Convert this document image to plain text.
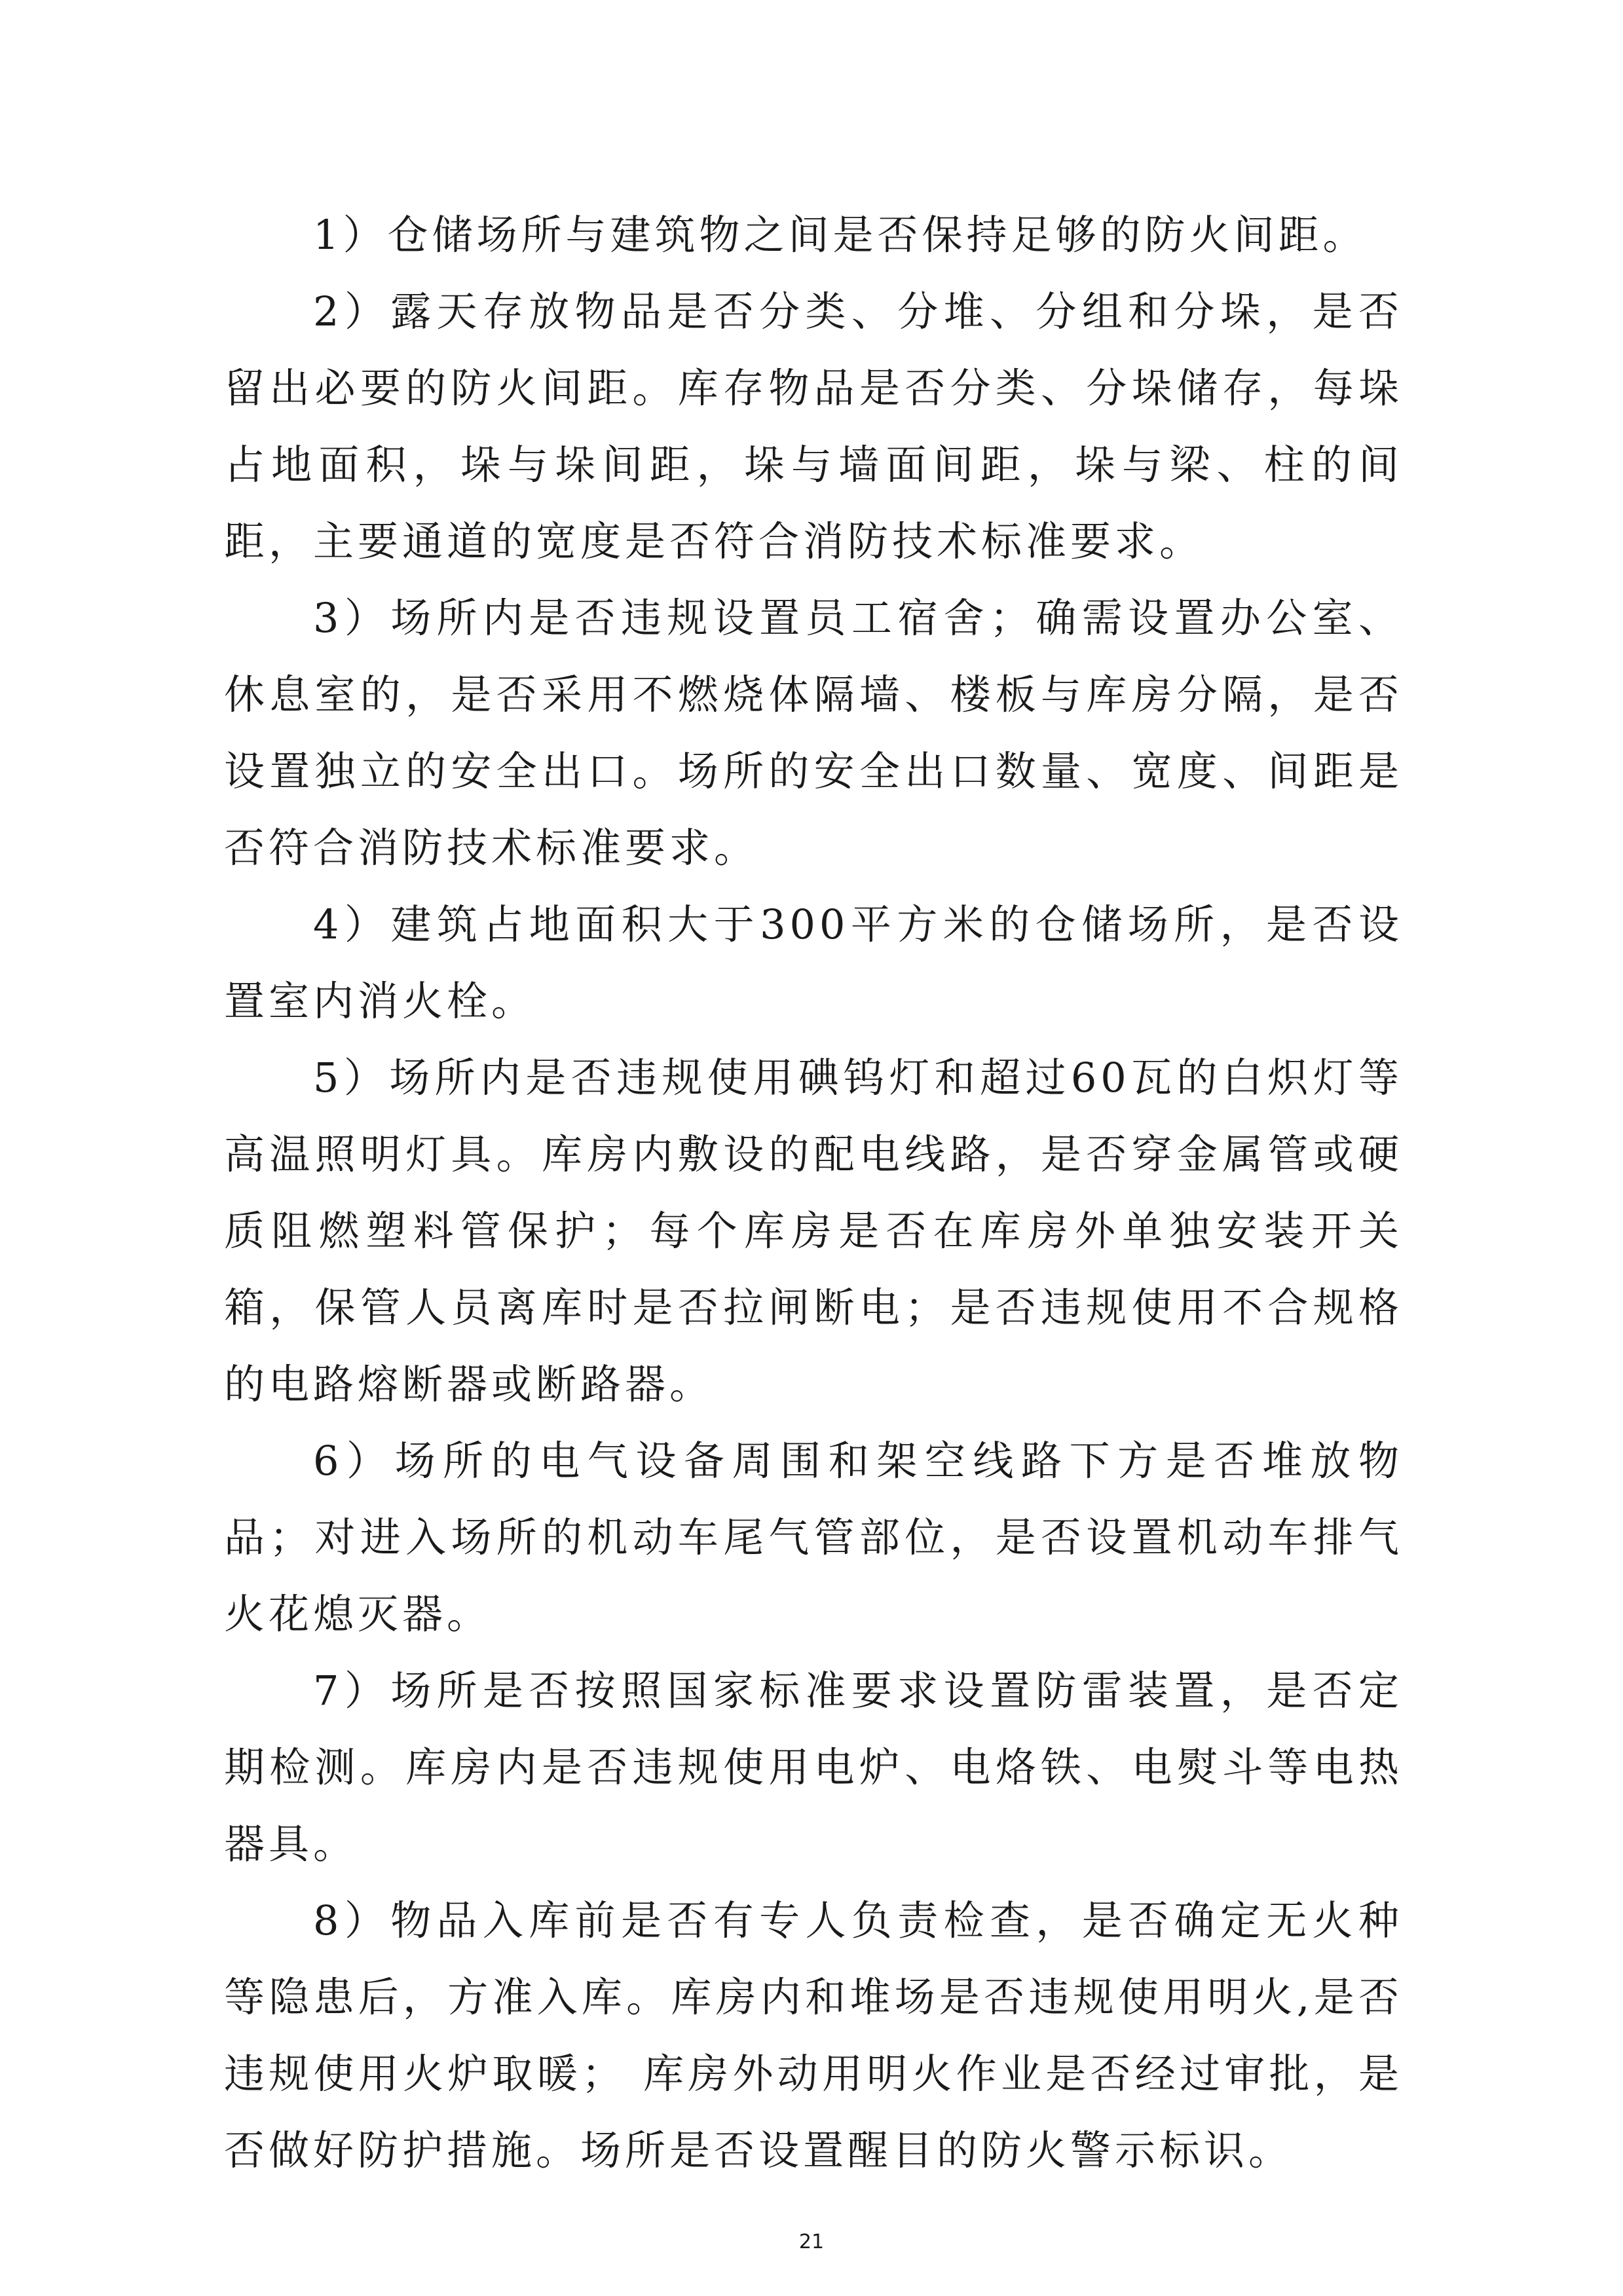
1）仓储场所与建筑物之间是否保持足够的防火间距。

2）露天存放物品是否分类、分堆、分组和分垛，是否留出必要的防火间距。库存物品是否分类、分垛储存，每垛占地面积，垛与垛间距，垛与墙面间距，垛与梁、柱的间距，主要通道的宽度是否符合消防技术标准要求。

3）场所内是否违规设置员工宿舍；确需设置办公室、休息室的，是否采用不燃烧体隔墙、楼板与库房分隔，是否设置独立的安全出口。场所的安全出口数量、宽度、间距是否符合消防技术标准要求。

4）建筑占地面积大于300平方米的仓储场所，是否设置室内消火栓。

5）场所内是否违规使用碘钨灯和超过60瓦的白炽灯等高温照明灯具。库房内敷设的配电线路，是否穿金属管或硬质阻燃塑料管保护；每个库房是否在库房外单独安装开关箱，保管人员离库时是否拉闸断电；是否违规使用不合规格的电路熔断器或断路器。

6）场所的电气设备周围和架空线路下方是否堆放物品；对进入场所的机动车尾气管部位，是否设置机动车排气火花熄灭器。

7）场所是否按照国家标准要求设置防雷装置，是否定期检测。库房内是否违规使用电炉、电烙铁、电熨斗等电热器具。

8）物品入库前是否有专人负责检查，是否确定无火种等隐患后，方准入库。库房内和堆场是否违规使用明火,是否违规使用火炉取暖； 库房外动用明火作业是否经过审批，是否做好防护措施。场所是否设置醒目的防火警示标识。

21
